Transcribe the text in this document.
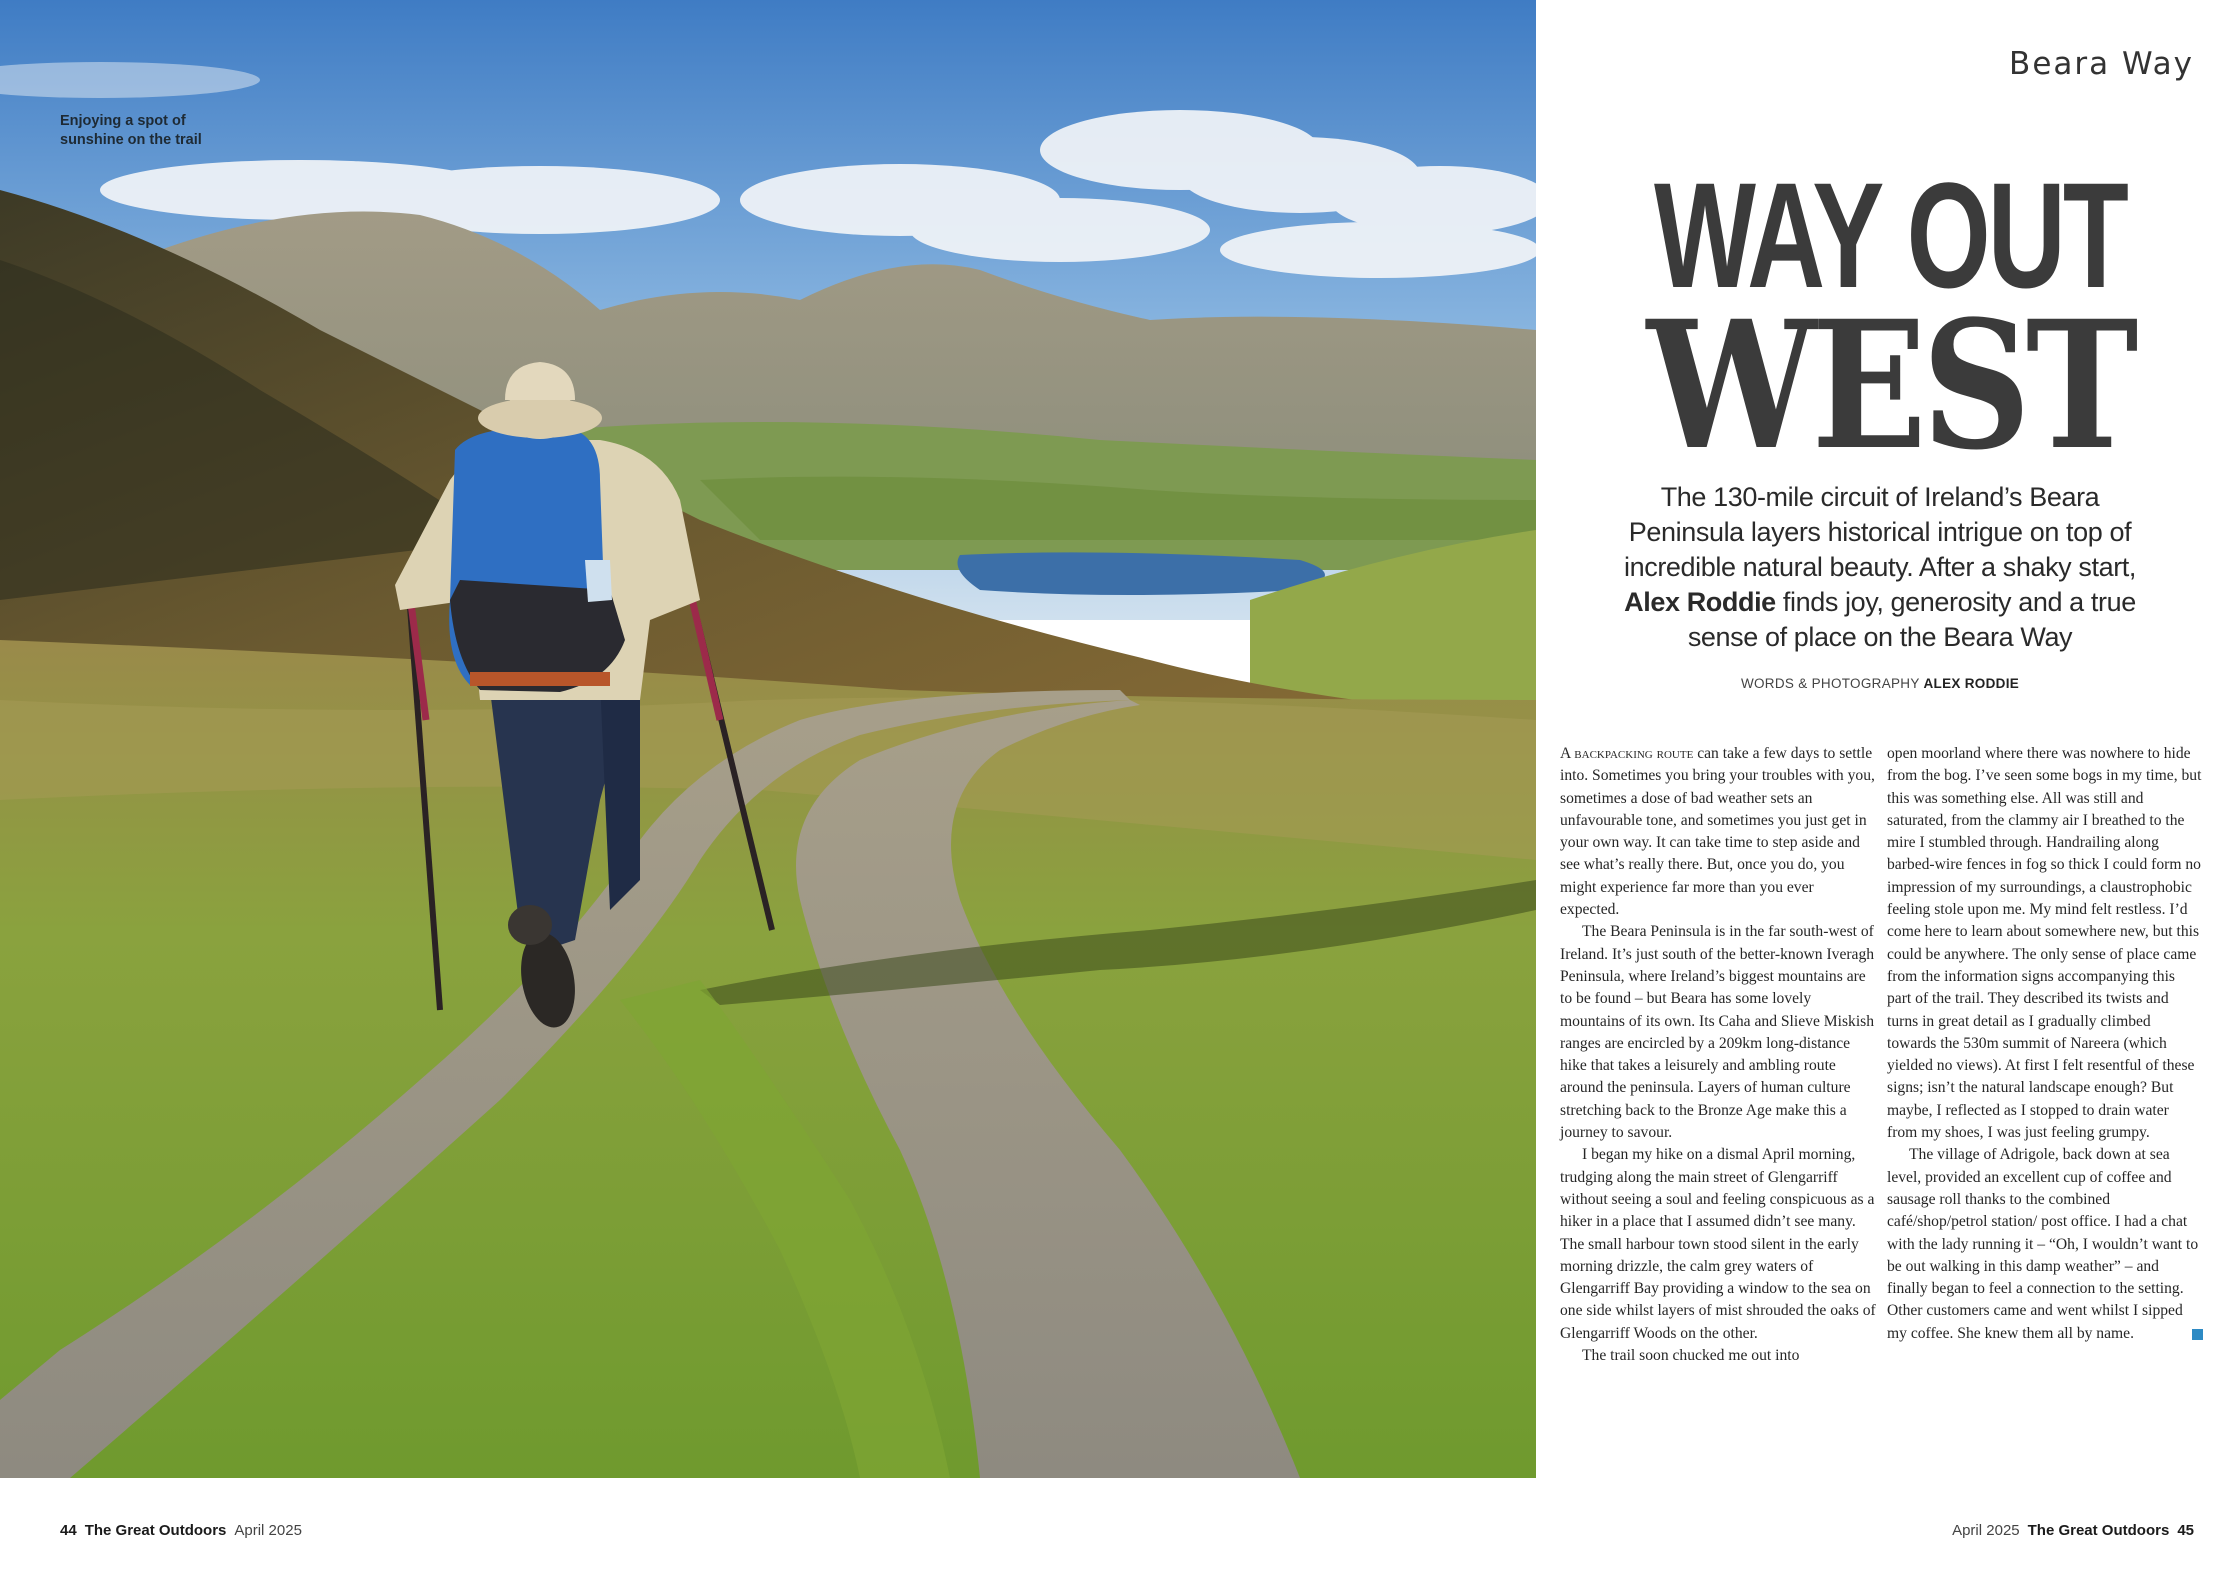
Enjoying a spot of
sunshine on the trail
Beara Way
WAY OUT
WEST
The 130-mile circuit of Ireland’s Beara Peninsula layers historical intrigue on top of incredible natural beauty. After a shaky start, Alex Roddie finds joy, generosity and a true sense of place on the Beara Way
WORDS & PHOTOGRAPHY ALEX RODDIE

A backpacking route can take a few days to settle into. Sometimes you bring your troubles with you, sometimes a dose of bad weather sets an unfavourable tone, and sometimes you just get in your own way. It can take time to step aside and see what’s really there. But, once you do, you might experience far more than you ever expected.

The Beara Peninsula is in the far south-west of Ireland. It’s just south of the better-known Iveragh Peninsula, where Ireland’s biggest mountains are to be found – but Beara has some lovely mountains of its own. Its Caha and Slieve Miskish ranges are encircled by a 209km long-distance hike that takes a leisurely and ambling route around the peninsula. Layers of human culture stretching back to the Bronze Age make this a journey to savour.

I began my hike on a dismal April morning, trudging along the main street of Glengarriff without seeing a soul and feeling conspicuous as a hiker in a place that I assumed didn’t see many. The small harbour town stood silent in the early morning drizzle, the calm grey waters of Glengarriff Bay providing a window to the sea on one side whilst layers of mist shrouded the oaks of Glengarriff Woods on the other.

The trail soon chucked me out into

open moorland where there was nowhere to hide from the bog. I’ve seen some bogs in my time, but this was something else. All was still and saturated, from the clammy air I breathed to the mire I stumbled through. Handrailing along barbed-wire fences in fog so thick I could form no impression of my surroundings, a claustrophobic feeling stole upon me. My mind felt restless. I’d come here to learn about somewhere new, but this could be anywhere. The only sense of place came from the information signs accompanying this part of the trail. They described its twists and turns in great detail as I gradually climbed towards the 530m summit of Nareera (which yielded no views). At first I felt resentful of these signs; isn’t the natural landscape enough? But maybe, I reflected as I stopped to drain water from my shoes, I was just feeling grumpy.

The village of Adrigole, back down at sea level, provided an excellent cup of coffee and sausage roll thanks to the combined café/shop/petrol station/ post office. I had a chat with the lady running it – “Oh, I wouldn’t want to be out walking in this damp weather” – and finally began to feel a connection to the setting. Other customers came and went whilst I sipped my coffee. She knew them all by name.	➔

44 The Great Outdoors April 2025	April 2025 The Great Outdoors 45
